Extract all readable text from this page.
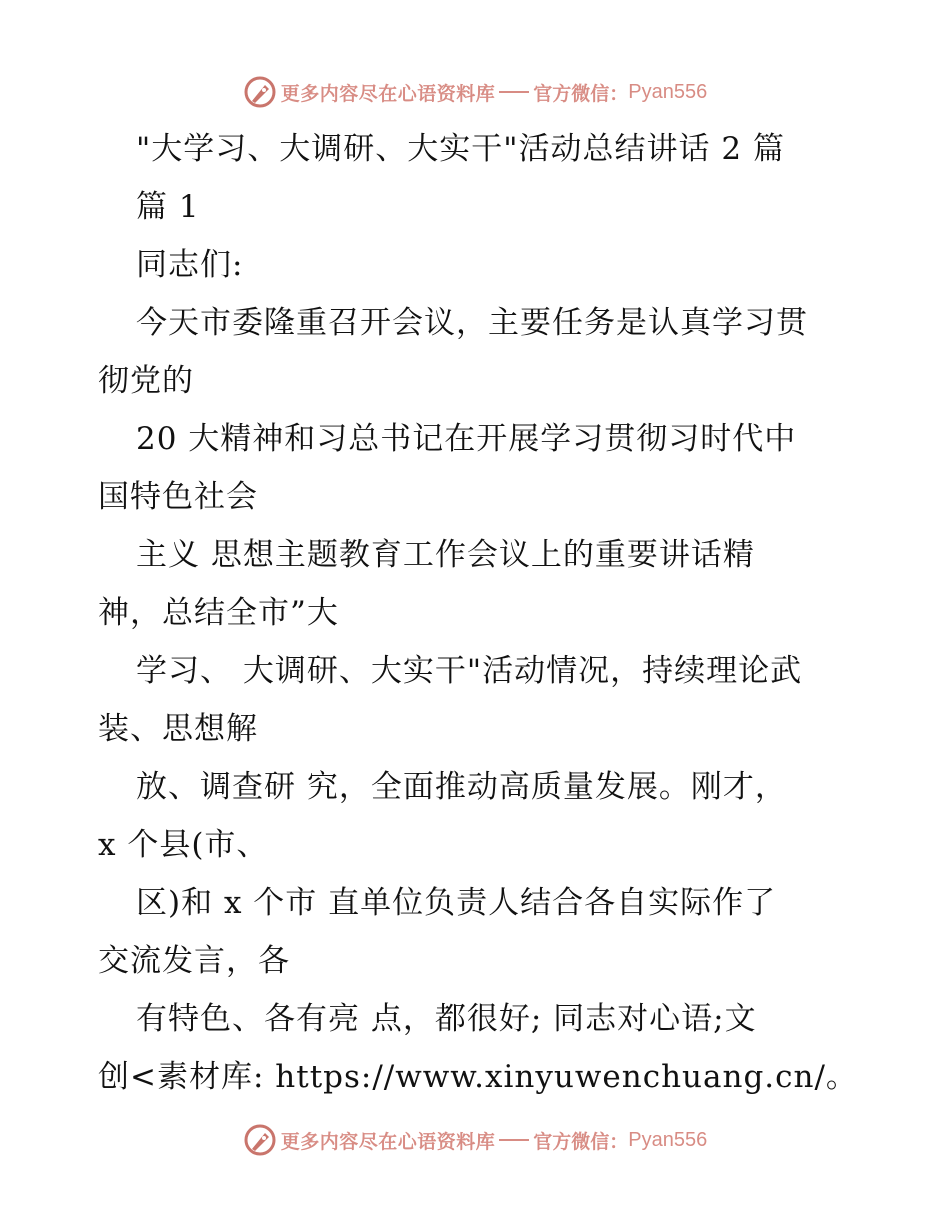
更多内容尽在心语资料库 官方微信： Pyan556
"大学习、大调研、大实干"活动总结讲话 2 篇
篇 1
同志们:
今天市委隆重召开会议，主要任务是认真学习贯
彻党的
20 大精神和习总书记在开展学习贯彻习时代中
国特色社会
主义 思想主题教育工作会议上的重要讲话精
神，总结全市”大
学习、 大调研、大实干"活动情况，持续理论武
装、思想解
放、调查研 究，全面推动高质量发展。刚才，
x 个县(市、
区)和 x 个市 直单位负责人结合各自实际作了
交流发言，各
有特色、各有亮 点，都很好; 同志对心语;文
创<素材库: https://www.xinyuwenchuang.cn/。
更多内容尽在心语资料库 官方微信： Pyan556
